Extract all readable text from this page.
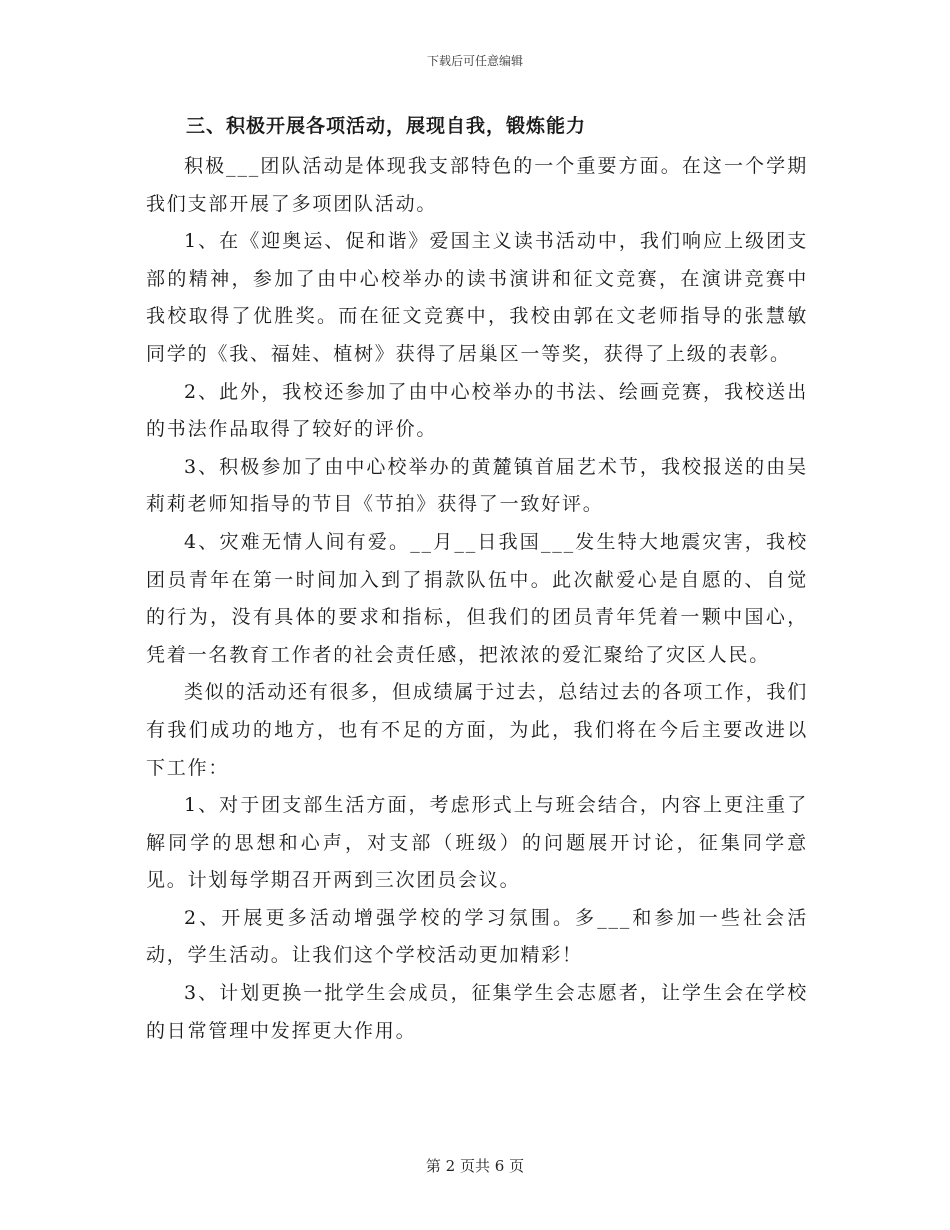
下载后可任意编辑
三、积极开展各项活动，展现自我，锻炼能力

积极___团队活动是体现我支部特色的一个重要方面。在这一个学期我们支部开展了多项团队活动。

1、在《迎奥运、促和谐》爱国主义读书活动中，我们响应上级团支部的精神，参加了由中心校举办的读书演讲和征文竞赛，在演讲竞赛中我校取得了优胜奖。而在征文竞赛中，我校由郭在文老师指导的张慧敏同学的《我、福娃、植树》获得了居巢区一等奖，获得了上级的表彰。

2、此外，我校还参加了由中心校举办的书法、绘画竞赛，我校送出的书法作品取得了较好的评价。

3、积极参加了由中心校举办的黄麓镇首届艺术节，我校报送的由吴莉莉老师知指导的节目《节拍》获得了一致好评。

4、灾难无情人间有爱。__月__日我国___发生特大地震灾害，我校团员青年在第一时间加入到了捐款队伍中。此次献爱心是自愿的、自觉的行为，没有具体的要求和指标，但我们的团员青年凭着一颗中国心，凭着一名教育工作者的社会责任感，把浓浓的爱汇聚给了灾区人民。

类似的活动还有很多，但成绩属于过去，总结过去的各项工作，我们有我们成功的地方，也有不足的方面，为此，我们将在今后主要改进以下工作：

1、对于团支部生活方面，考虑形式上与班会结合，内容上更注重了解同学的思想和心声，对支部（班级）的问题展开讨论，征集同学意见。计划每学期召开两到三次团员会议。

2、开展更多活动增强学校的学习氛围。多___和参加一些社会活动，学生活动。让我们这个学校活动更加精彩！

3、计划更换一批学生会成员，征集学生会志愿者，让学生会在学校的日常管理中发挥更大作用。

第 2 页共 6 页
